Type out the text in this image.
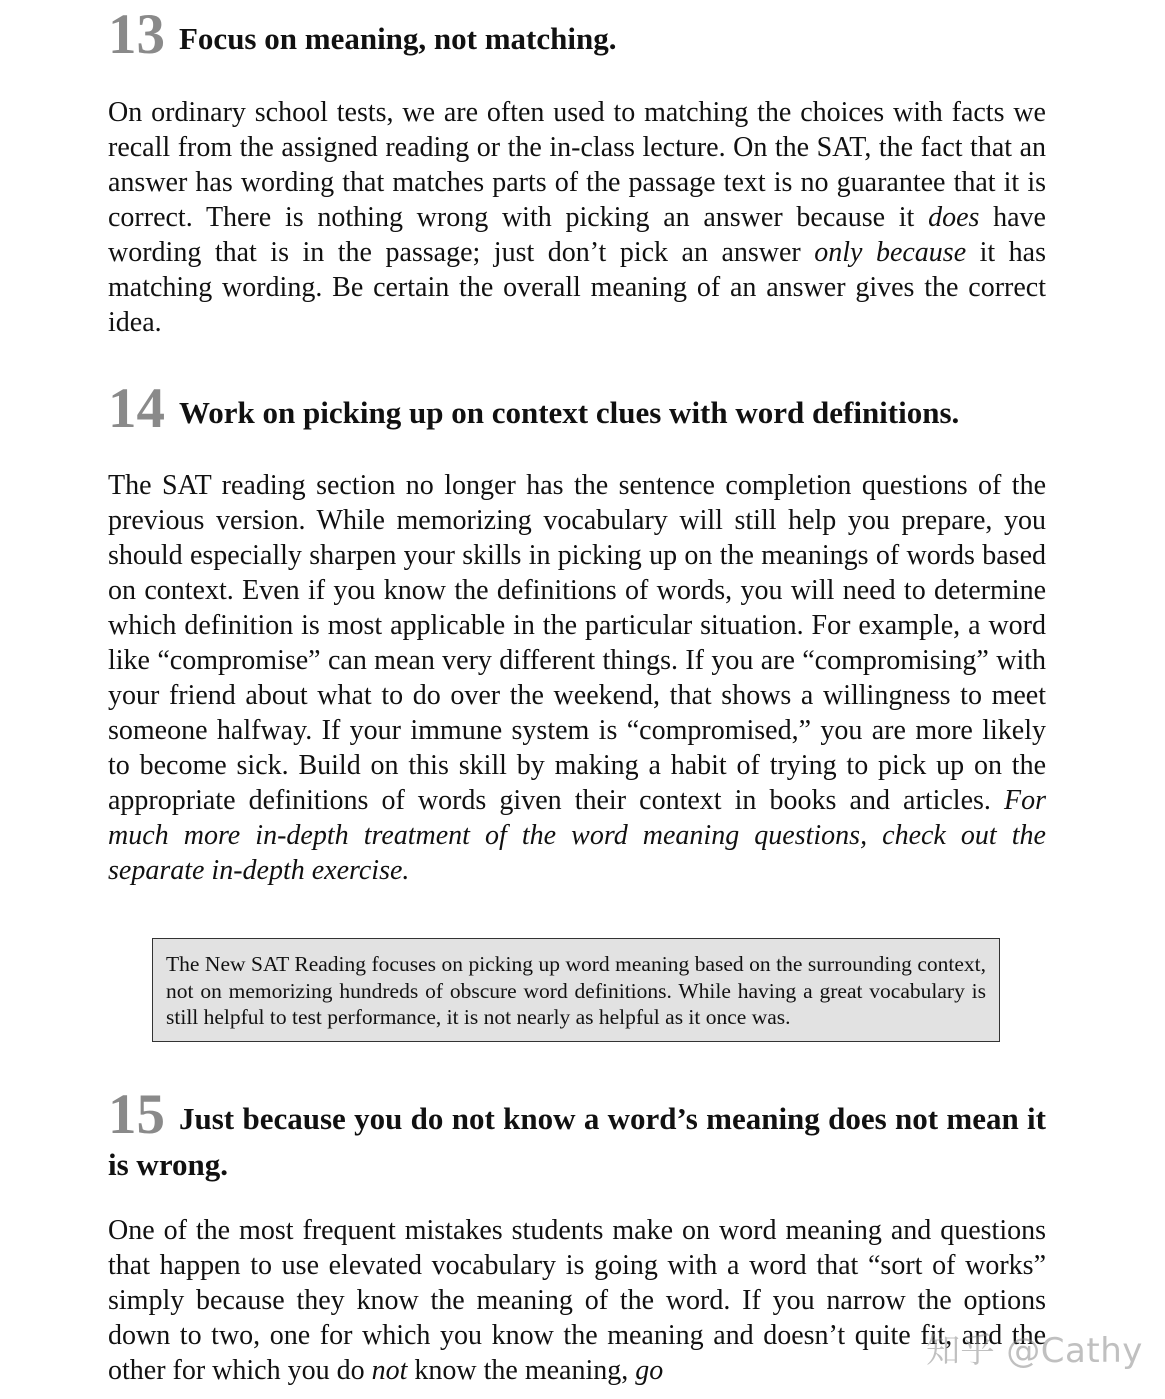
13 Focus on meaning, not matching.

On ordinary school tests, we are often used to matching the choices with facts we recall from the assigned reading or the in-class lecture. On the SAT, the fact that an answer has wording that matches parts of the passage text is no guarantee that it is correct. There is nothing wrong with picking an answer because it does have wording that is in the passage; just don’t pick an answer only because it has matching wording. Be certain the overall meaning of an answer gives the correct idea.

14 Work on picking up on context clues with word definitions.

The SAT reading section no longer has the sentence completion questions of the previous version. While memorizing vocabulary will still help you prepare, you should especially sharpen your skills in picking up on the meanings of words based on context. Even if you know the definitions of words, you will need to determine which definition is most applicable in the particular situation. For example, a word like “compromise” can mean very different things. If you are “compromising” with your friend about what to do over the weekend, that shows a willingness to meet someone halfway. If your immune system is “compromised,” you are more likely to become sick. Build on this skill by making a habit of trying to pick up on the appropriate definitions of words given their context in books and articles. For much more in-depth treatment of the word meaning questions, check out the separate in-depth exercise.

The New SAT Reading focuses on picking up word meaning based on the surrounding context, not on memorizing hundreds of obscure word definitions. While having a great vocabulary is still helpful to test performance, it is not nearly as helpful as it once was.

15 Just because you do not know a word’s meaning does not mean it is wrong.

One of the most frequent mistakes students make on word meaning and questions that happen to use elevated vocabulary is going with a word that “sort of works” simply because they know the meaning of the word. If you narrow the options down to two, one for which you know the meaning and doesn’t quite fit, and the other for which you do not know the meaning, go	知乎 @Cathy
